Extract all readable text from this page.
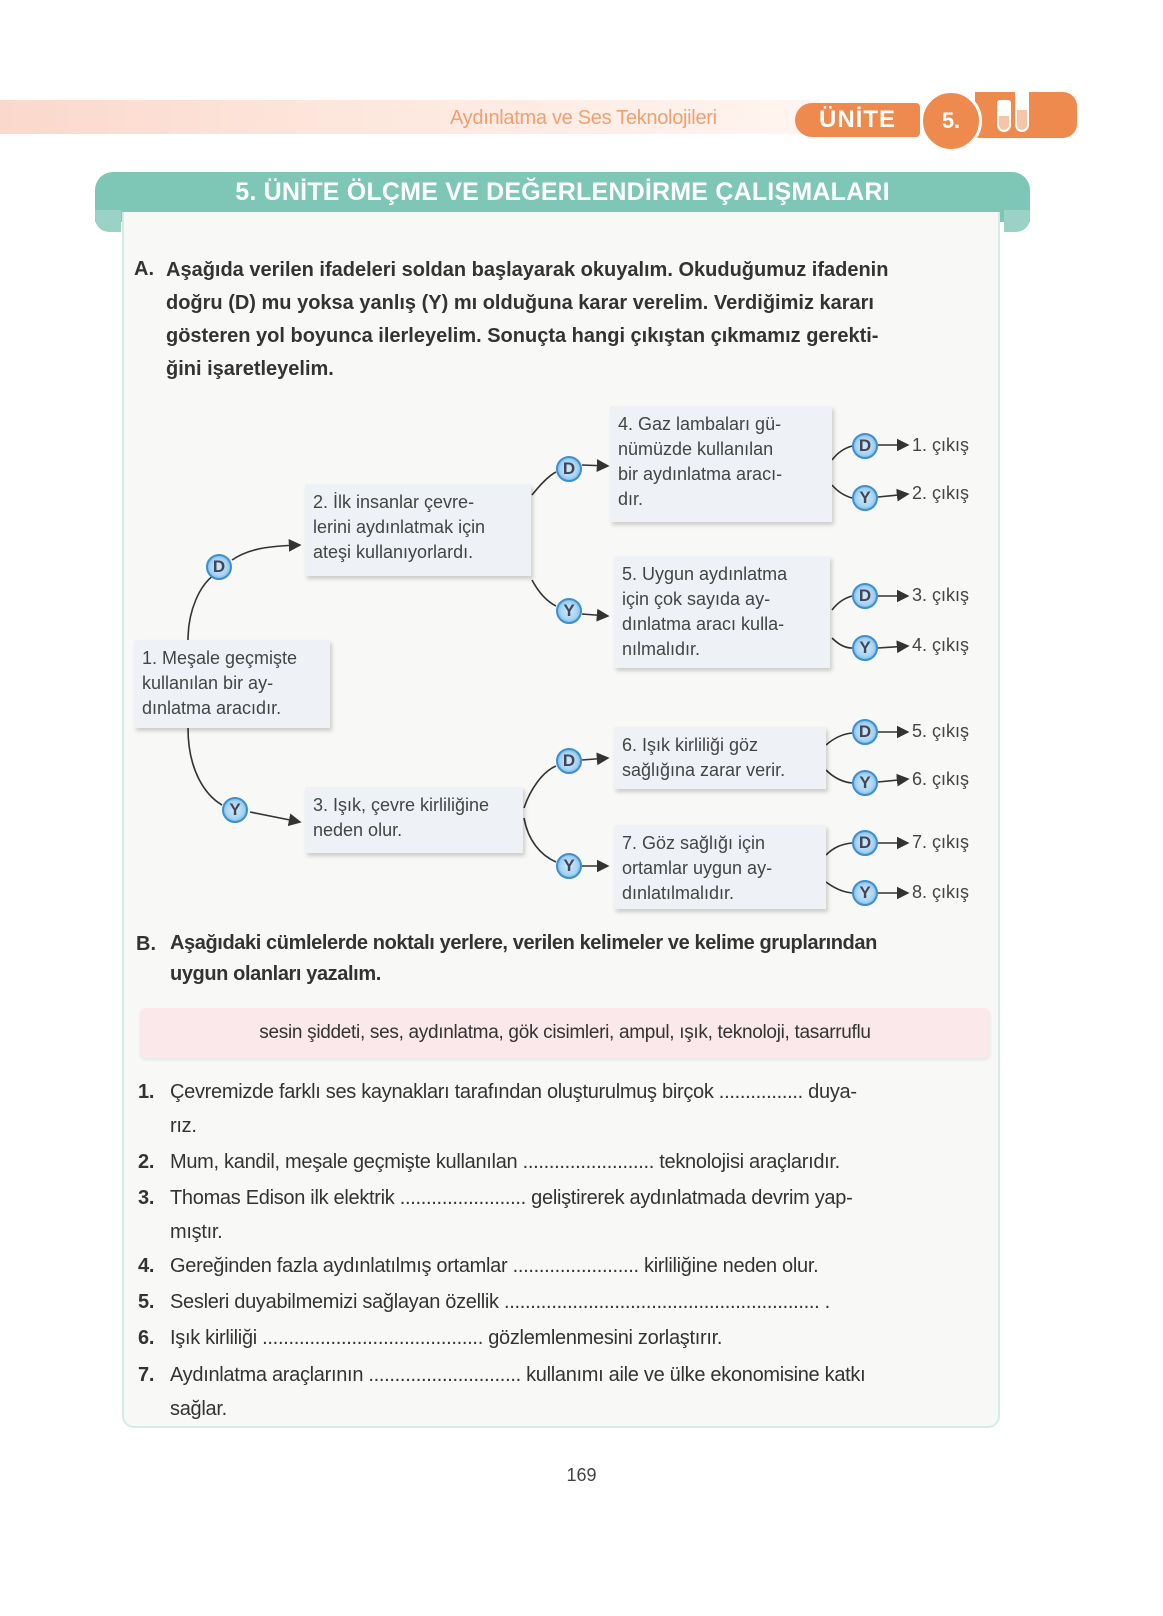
Aydınlatma ve Ses Teknolojileri	ÜNİTE	5.
5. ÜNİTE ÖLÇME VE DEĞERLENDİRME ÇALIŞMALARI
A. Aşağıda verilen ifadeleri soldan başlayarak okuyalım. Okuduğumuz ifadenin
doğru (D) mu yoksa yanlış (Y) mı olduğuna karar verelim. Verdiğimiz kararı
gösteren yol boyunca ilerleyelim. Sonuçta hangi çıkıştan çıkmamız gerekti-
ğini işaretleyelim.
1. Meşale geçmişte
kullanılan bir ay-
dınlatma aracıdır.
2. İlk insanlar çevre-
lerini aydınlatmak için
ateşi kullanıyorlardı.
3. Işık, çevre kirliliğine
neden olur.
4. Gaz lambaları gü-
nümüzde kullanılan
bir aydınlatma aracı-
dır.
5. Uygun aydınlatma
için çok sayıda ay-
dınlatma aracı kulla-
nılmalıdır.
6. Işık kirliliği göz
sağlığına zarar verir.
7. Göz sağlığı için
ortamlar uygun ay-
dınlatılmalıdır.
D
Y
D
Y
D
Y
D
Y
D
Y
D
Y
D
Y
1. çıkış
2. çıkış
3. çıkış
4. çıkış
5. çıkış
6. çıkış
7. çıkış
8. çıkış
B. Aşağıdaki cümlelerde noktalı yerlere, verilen kelimeler ve kelime gruplarından
uygun olanları yazalım.
sesin şiddeti, ses, aydınlatma, gök cisimleri, ampul, ışık, teknoloji, tasarruflu
1. Çevremizde farklı ses kaynakları tarafından oluşturulmuş birçok ................ duya-
rız.
2. Mum, kandil, meşale geçmişte kullanılan ......................... teknolojisi araçlarıdır.
3. Thomas Edison ilk elektrik ........................ geliştirerek aydınlatmada devrim yap-
mıştır.
4. Gereğinden fazla aydınlatılmış ortamlar ........................ kirliliğine neden olur.
5. Sesleri duyabilmemizi sağlayan özellik ............................................................ .
6. Işık kirliliği .......................................... gözlemlenmesini zorlaştırır.
7. Aydınlatma araçlarının ............................. kullanımı aile ve ülke ekonomisine katkı
sağlar.
169
